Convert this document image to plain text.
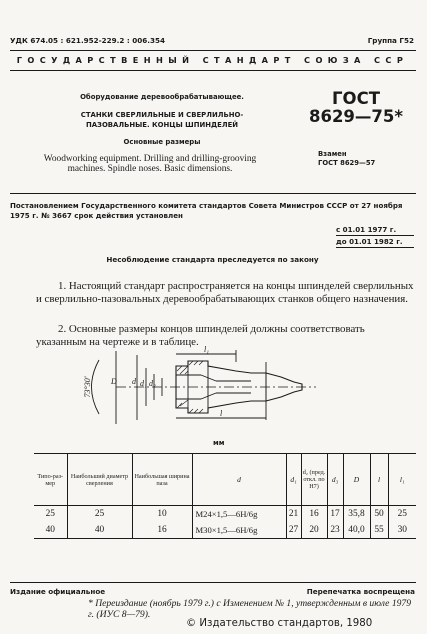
УДК 674.05 : 621.952-229.2 : 006.354	Группа Г52
ГОСУДАРСТВЕННЫЙ СТАНДАРТ СОЮЗА ССР
Оборудование деревообрабатывающее.
СТАНКИ СВЕРЛИЛЬНЫЕ И СВЕРЛИЛЬНО-ПАЗОВАЛЬНЫЕ. КОНЦЫ ШПИНДЕЛЕЙ
Основные размеры
Woodworking equipment. Drilling and drilling-grooving machines. Spindle noses. Basic dimensions.
ГОСТ
8629—75*
Взамен
ГОСТ 8629—57
Постановлением Государственного комитета стандартов Совета Министров СССР от 27 ноября 1975 г. № 3667 срок действия установлен
с 01.01 1977 г.
до 01.01 1982 г.
Несоблюдение стандарта преследуется по закону
1. Настоящий стандарт распространяется на концы шпинделей сверлильных и сверлильно-пазовальных деревообрабатывающих станков общего назначения.
2. Основные размеры концов шпинделей должны соответствовать указанным на чертеже и в таблице.
73°30' D d d₁ d₂
l₁
l
мм
Типо-раз-мер	Наибольший диаметр сверления	Наибольшая ширина паза	d	d₁	d₂ (пред. откл. по H7)	d₃	D	l	l₁
25	25	10	М24×1,5—6H/6g	21	16	17	35,8	50	25
40	40	16	М30×1,5—6H/6g	27	20	23	40,0	55	30
Издание официальное	Перепечатка воспрещена
* Переиздание (ноябрь 1979 г.) с Изменением № 1, утвержденным в июле 1979 г. (ИУС 8—79).
© Издательство стандартов, 1980
